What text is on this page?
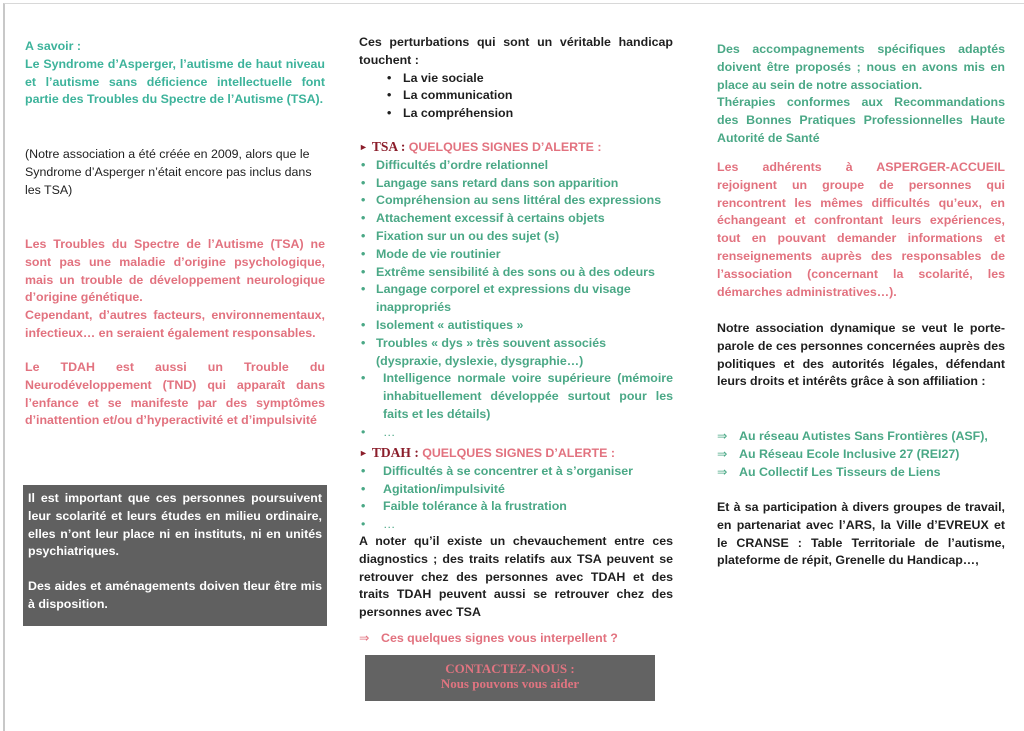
A savoir :

Le Syndrome d’Asperger, l’autisme de haut niveau et l’autisme sans déficience intellectuelle font partie des Troubles du Spectre de l’Autisme (TSA).

(Notre association a été créée en 2009, alors que le Syndrome d’Asperger n’était encore pas inclus dans les TSA)

Les Troubles du Spectre de l’Autisme (TSA) ne sont pas une maladie d’origine psychologique, mais un trouble de développement neurologique d’origine génétique.

Cependant, d’autres facteurs, environnementaux, infectieux… en seraient également responsables.

Le TDAH est aussi un Trouble du Neurodéveloppement (TND) qui apparaît dans l’enfance et se manifeste par des symptômes d’inattention et/ou d’hyperactivité et d’impulsivité

Il est important que ces personnes poursuivent leur scolarité et leurs études en milieu ordinaire, elles n’ont leur place ni en instituts, ni en unités psychiatriques.

Des aides et aménagements doiven tleur être mis à disposition.

Ces perturbations qui sont un véritable handicap touchent :

• La vie sociale
• La communication
• La compréhension
► TSA : QUELQUES SIGNES D’ALERTE :
• Difficultés d’ordre relationnel
• Langage sans retard dans son apparition
• Compréhension au sens littéral des expressions
• Attachement excessif à certains objets
• Fixation sur un ou des sujet (s)
• Mode de vie routinier
• Extrême sensibilité à des sons ou à des odeurs
• Langage corporel et expressions du visage inappropriés
• Isolement « autistiques »
• Troubles « dys » très souvent associés (dyspraxie, dyslexie, dysgraphie…)
• Intelligence normale voire supérieure (mémoire inhabituellement développée surtout pour les faits et les détails)
• …
► TDAH : QUELQUES SIGNES D’ALERTE :
• Difficultés à se concentrer et à s’organiser
• Agitation/impulsivité
• Faible tolérance à la frustration
• …

A noter qu’il existe un chevauchement entre ces diagnostics ; des traits relatifs aux TSA peuvent se retrouver chez des personnes avec TDAH et des traits TDAH peuvent aussi se retrouver chez des personnes avec TSA

⇒ Ces quelques signes vous interpellent ?
CONTACTEZ-NOUS :
Nous pouvons vous aider

Des accompagnements spécifiques adaptés doivent être proposés ; nous en avons mis en place au sein de notre association.

Thérapies conformes aux Recommandations des Bonnes Pratiques Professionnelles Haute Autorité de Santé

Les adhérents à ASPERGER-ACCUEIL rejoignent un groupe de personnes qui rencontrent les mêmes difficultés qu’eux, en échangeant et confrontant leurs expériences, tout en pouvant demander informations et renseignements auprès des responsables de l’association (concernant la scolarité, les démarches administratives…).

Notre association dynamique se veut le porte-parole de ces personnes concernées auprès des politiques et des autorités légales, défendant leurs droits et intérêts grâce à son affiliation :

⇒ Au réseau Autistes Sans Frontières (ASF),
⇒ Au Réseau Ecole Inclusive 27 (REI27)
⇒ Au Collectif Les Tisseurs de Liens

Et à sa participation à divers groupes de travail, en partenariat avec l’ARS, la Ville d’EVREUX et le CRANSE : Table Territoriale de l’autisme, plateforme de répit, Grenelle du Handicap…,
